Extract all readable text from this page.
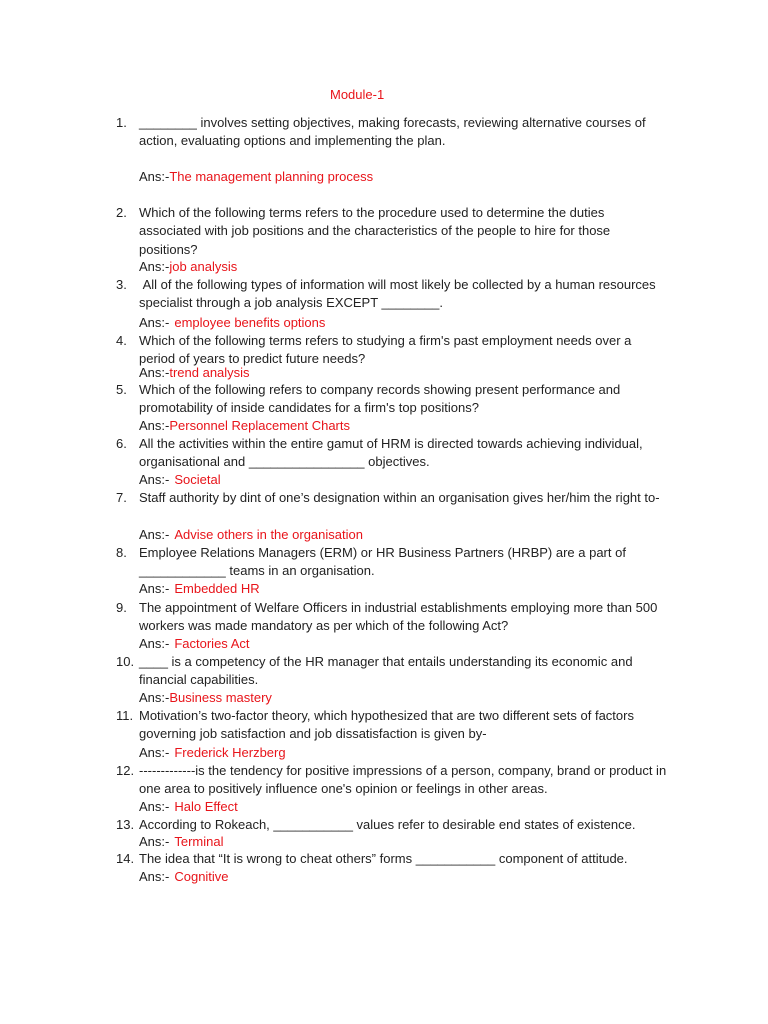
Module-1
1. ________ involves setting objectives, making forecasts, reviewing alternative courses of action, evaluating options and implementing the plan.
Ans:-The management planning process
2. Which of the following terms refers to the procedure used to determine the duties associated with job positions and the characteristics of the people to hire for those positions?
Ans:-job analysis
3. All of the following types of information will most likely be collected by a human resources specialist through a job analysis EXCEPT ________.
Ans:- employee benefits options
4. Which of the following terms refers to studying a firm's past employment needs over a period of years to predict future needs?
Ans:-trend analysis
5. Which of the following refers to company records showing present performance and promotability of inside candidates for a firm's top positions?
Ans:-Personnel Replacement Charts
6. All the activities within the entire gamut of HRM is directed towards achieving individual, organisational and ________________ objectives.
Ans:- Societal
7. Staff authority by dint of one’s designation within an organisation gives her/him the right to-
Ans:- Advise others in the organisation
8. Employee Relations Managers (ERM) or HR Business Partners (HRBP) are a part of ____________ teams in an organisation.
Ans:- Embedded HR
9. The appointment of Welfare Officers in industrial establishments employing more than 500 workers was made mandatory as per which of the following Act?
Ans:- Factories Act
10. ____ is a competency of the HR manager that entails understanding its economic and financial capabilities.
Ans:-Business mastery
11. Motivation’s two-factor theory, which hypothesized that are two different sets of factors governing job satisfaction and job dissatisfaction is given by-
Ans:- Frederick Herzberg
12. -------------is the tendency for positive impressions of a person, company, brand or product in one area to positively influence one's opinion or feelings in other areas.
Ans:- Halo Effect
13. According to Rokeach, ___________ values refer to desirable end states of existence.
Ans:- Terminal
14. The idea that “It is wrong to cheat others” forms ___________ component of attitude.
Ans:- Cognitive
